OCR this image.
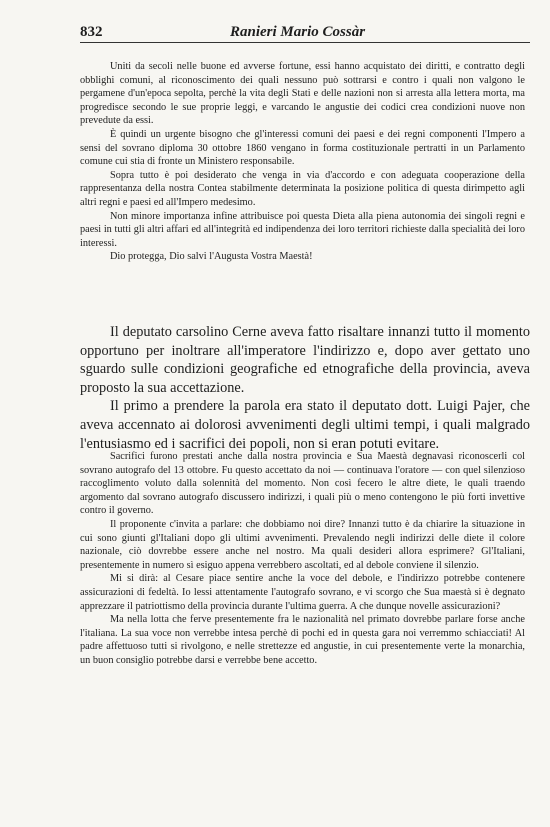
832	Ranieri Mario Cossàr

Uniti da secoli nelle buone ed avverse fortune, essi hanno acquistato dei diritti, e contratto degli obblighi comuni, al riconoscimento dei quali nessuno può sottrarsi e contro i quali non valgono le pergamene d'un'epoca sepolta, perchè la vita degli Stati e delle nazioni non si arresta alla lettera morta, ma progredisce secondo le sue proprie leggi, e varcando le angustie dei codici crea condizioni nuove non prevedute da essi.

È quindi un urgente bisogno che gl'interessi comuni dei paesi e dei regni componenti l'Impero a sensi del sovrano diploma 30 ottobre 1860 vengano in forma costituzionale pertratti in un Parlamento comune cui stia di fronte un Ministero responsabile.

Sopra tutto è poi desiderato che venga in via d'accordo e con adeguata cooperazione della rappresentanza della nostra Contea stabilmente determinata la posizione politica di questa dirimpetto agli altri regni e paesi ed all'Impero medesimo.

Non minore importanza infine attribuisce poi questa Dieta alla piena autonomia dei singoli regni e paesi in tutti gli altri affari ed all'integrità ed indipendenza dei loro territori richieste dalla specialità dei loro interessi.

Dio protegga, Dio salvi l'Augusta Vostra Maestà!

Il deputato carsolino Cerne aveva fatto risaltare innanzi tutto il momento opportuno per inoltrare all'imperatore l'indirizzo e, dopo aver gettato uno sguardo sulle condizioni geografiche ed etnografiche della provincia, aveva proposto la sua accettazione.

Il primo a prendere la parola era stato il deputato dott. Luigi Pajer, che aveva accennato ai dolorosi avvenimenti degli ultimi tempi, i quali malgrado l'entusiasmo ed i sacrifici dei popoli, non si eran potuti evitare.

Sacrifici furono prestati anche dalla nostra provincia e Sua Maestà degnavasi riconoscerli col sovrano autografo del 13 ottobre. Fu questo accettato da noi — continuava l'oratore — con quel silenzioso raccoglimento voluto dalla solennità del momento. Non così fecero le altre diete, le quali traendo argomento dal sovrano autografo discussero indirizzi, i quali più o meno contengono le più forti invettive contro il governo.

Il proponente c'invita a parlare: che dobbiamo noi dire? Innanzi tutto è da chiarire la situazione in cui sono giunti gl'Italiani dopo gli ultimi avvenimenti. Prevalendo negli indirizzi delle diete il colore nazionale, ciò dovrebbe essere anche nel nostro. Ma quali desideri allora esprimere? Gl'Italiani, presentemente in numero sì esiguo appena verrebbero ascoltati, ed al debole conviene il silenzio.

Mi si dirà: al Cesare piace sentire anche la voce del debole, e l'indirizzo potrebbe contenere assicurazioni di fedeltà. Io lessi attentamente l'autografo sovrano, e vi scorgo che Sua maestà si è degnato apprezzare il patriottismo della provincia durante l'ultima guerra. A che dunque novelle assicurazioni?

Ma nella lotta che ferve presentemente fra le nazionalità nel primato dovrebbe parlare forse anche l'italiana. La sua voce non verrebbe intesa perchè di pochi ed in questa gara noi verremmo schiacciati! Al padre affettuoso tutti si rivolgono, e nelle strettezze ed angustie, in cui presentemente verte la monarchia, un buon consiglio potrebbe darsi e verrebbe bene accetto.
